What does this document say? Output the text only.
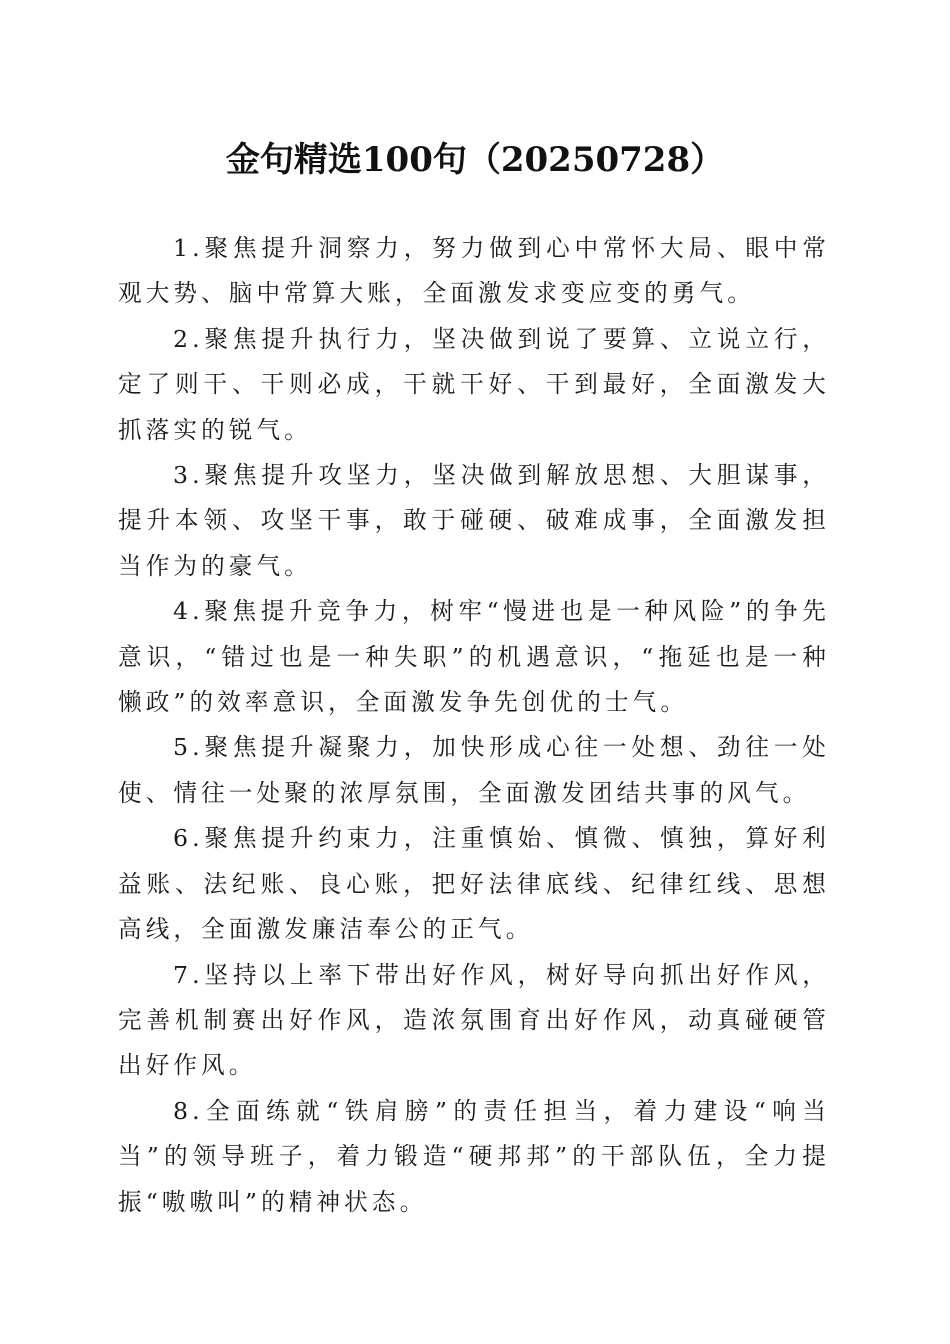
金句精选100句（20250728）

1.聚焦提升洞察力，努力做到心中常怀大局、眼中常观大势、脑中常算大账，全面激发求变应变的勇气。

2.聚焦提升执行力，坚决做到说了要算、立说立行，定了则干、干则必成，干就干好、干到最好，全面激发大抓落实的锐气。

3.聚焦提升攻坚力，坚决做到解放思想、大胆谋事，提升本领、攻坚干事，敢于碰硬、破难成事，全面激发担当作为的豪气。

4.聚焦提升竞争力，树牢“慢进也是一种风险”的争先意识，“错过也是一种失职”的机遇意识，“拖延也是一种懒政”的效率意识，全面激发争先创优的士气。

5.聚焦提升凝聚力，加快形成心往一处想、劲往一处使、情往一处聚的浓厚氛围，全面激发团结共事的风气。

6.聚焦提升约束力，注重慎始、慎微、慎独，算好利益账、法纪账、良心账，把好法律底线、纪律红线、思想高线，全面激发廉洁奉公的正气。

7.坚持以上率下带出好作风，树好导向抓出好作风，完善机制赛出好作风，造浓氛围育出好作风，动真碰硬管出好作风。

8.全面练就“铁肩膀”的责任担当，着力建设“响当当”的领导班子，着力锻造“硬邦邦”的干部队伍，全力提振“嗷嗷叫”的精神状态。
